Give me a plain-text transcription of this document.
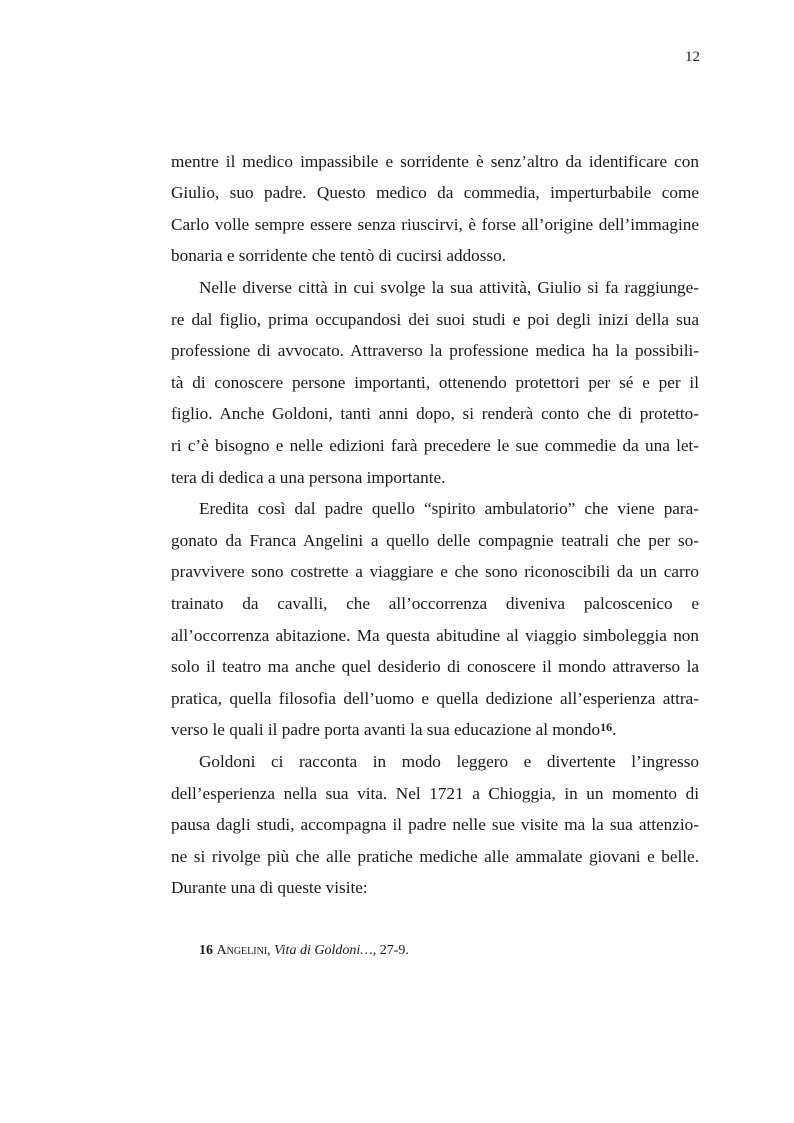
12

mentre il medico impassibile e sorridente è senz’altro da identificare con

Giulio, suo padre. Questo medico da commedia, imperturbabile come

Carlo volle sempre essere senza riuscirvi, è forse all’origine dell’immagine

bonaria e sorridente che tentò di cucirsi addosso.

Nelle diverse città in cui svolge la sua attività, Giulio si fa raggiunge-

re dal figlio, prima occupandosi dei suoi studi e poi degli inizi della sua

professione di avvocato. Attraverso la professione medica ha la possibili-

tà di conoscere persone importanti, ottenendo protettori per sé e per il

figlio. Anche Goldoni, tanti anni dopo, si renderà conto che di protetto-

ri c’è bisogno e nelle edizioni farà precedere le sue commedie da una let-

tera di dedica a una persona importante.

Eredita così dal padre quello “spirito ambulatorio” che viene para-

gonato da Franca Angelini a quello delle compagnie teatrali che per so-

pravvivere sono costrette a viaggiare e che sono riconoscibili da un carro

trainato da cavalli, che all’occorrenza diveniva palcoscenico e

all’occorrenza abitazione. Ma questa abitudine al viaggio simboleggia non

solo il teatro ma anche quel desiderio di conoscere il mondo attraverso la

pratica, quella filosofia dell’uomo e quella dedizione all’esperienza attra-

verso le quali il padre porta avanti la sua educazione al mondo$^{16}$.

Goldoni ci racconta in modo leggero e divertente l’ingresso

dell’esperienza nella sua vita. Nel 1721 a Chioggia, in un momento di

pausa dagli studi, accompagna il padre nelle sue visite ma la sua attenzio-

ne si rivolge più che alle pratiche mediche alle ammalate giovani e belle.

Durante una di queste visite:

16 Angelini, Vita di Goldoni…, 27-9.
